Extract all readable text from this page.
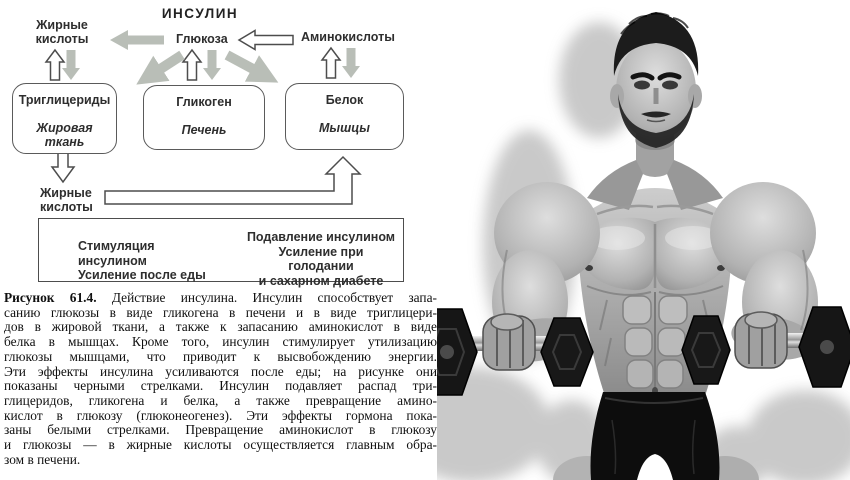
ИНСУЛИН
Жирные кислоты	Глюкоза	Аминокислоты
Триглицериды
Жировая ткань
Гликоген
Печень
Белок
Мышцы
Жирные кислоты
Стимуляция инсулином
Усиление после еды
Подавление инсулином
Усиление при голодании
и сахарном диабете
Рисунок 61.4. Действие инсулина. Инсулин способствует запа-
санию глюкозы в виде гликогена в печени и в виде триглицери-
дов в жировой ткани, а также к запасанию аминокислот в виде
белка в мышцах. Кроме того, инсулин стимулирует утилизацию
глюкозы мышцами, что приводит к высвобождению энергии.
Эти эффекты инсулина усиливаются после еды; на рисунке они
показаны черными стрелками. Инсулин подавляет распад три-
глицеридов, гликогена и белка, а также превращение амино-
кислот в глюкозу (глюконеогенез). Эти эффекты гормона пока-
заны белыми стрелками. Превращение аминокислот в глюкозу
и глюкозы — в жирные кислоты осуществляется главным обра-
зом в печени.
